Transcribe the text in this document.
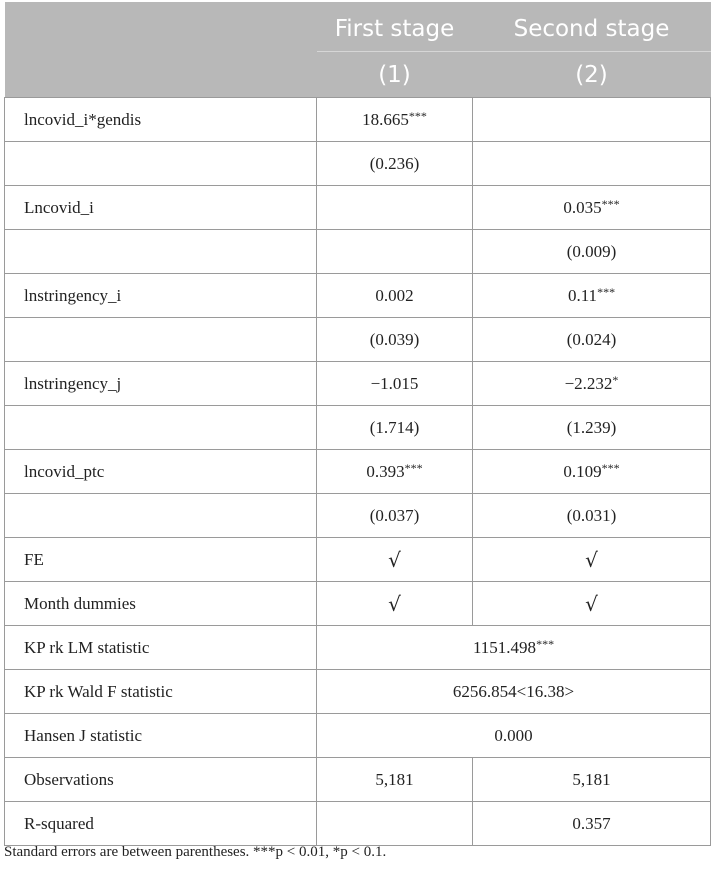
	First stage	Second stage
	(1)	(2)
lncovid_i*gendis	18.665***	
	(0.236)	
Lncovid_i		0.035***
		(0.009)
lnstringency_i	0.002	0.11***
	(0.039)	(0.024)
lnstringency_j	−1.015	−2.232*
	(1.714)	(1.239)
lncovid_ptc	0.393***	0.109***
	(0.037)	(0.031)
FE	√	√
Month dummies	√	√
KP rk LM statistic	1151.498***
KP rk Wald F statistic	6256.854<16.38>	
Hansen J statistic	0.000	
Observations	5,181	5,181
R-squared		0.357
Standard errors are between parentheses. ***p < 0.01, *p < 0.1.
